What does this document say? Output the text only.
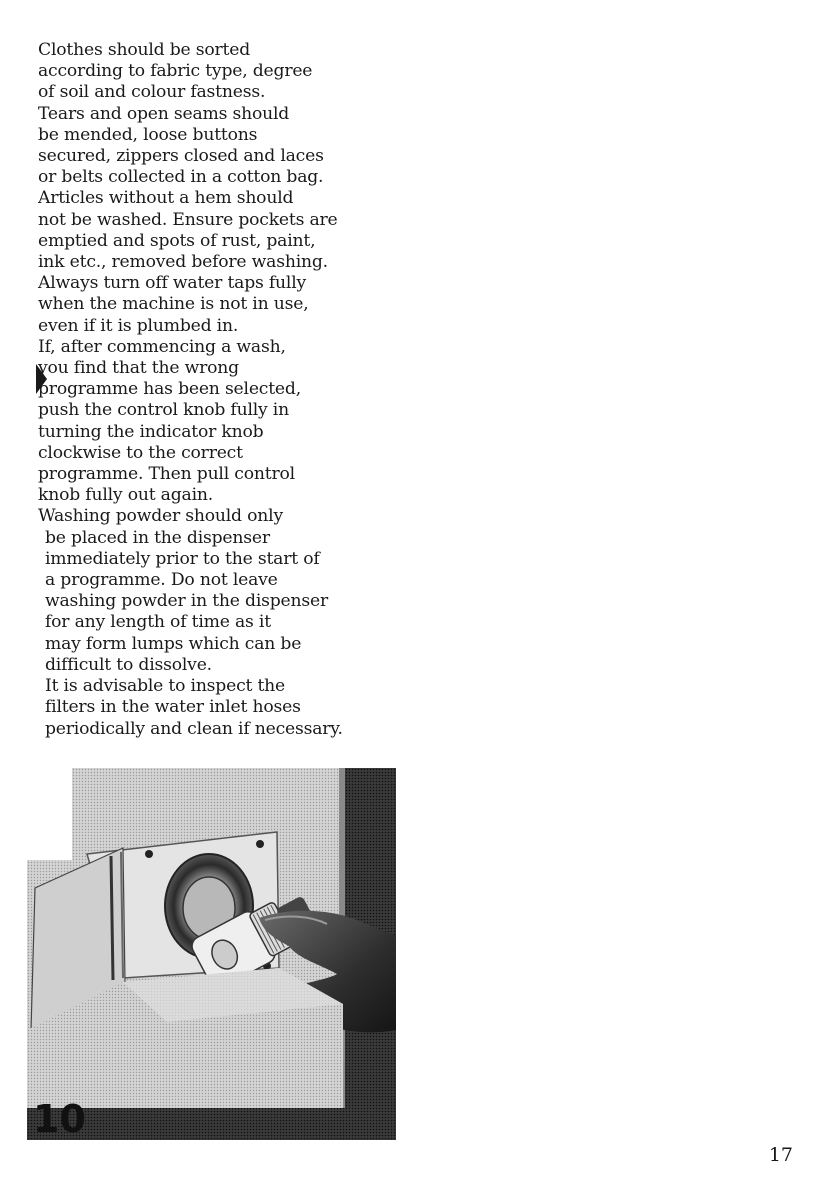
Clothes should be sorted
according to fabric type, degree
of soil and colour fastness.
Tears and open seams should
be mended, loose buttons
secured, zippers closed and laces
or belts collected in a cotton bag.
Articles without a hem should
not be washed. Ensure pockets are
emptied and spots of rust, paint,
ink etc., removed before washing.
Always turn off water taps fully
when the machine is not in use,
even if it is plumbed in.
If, after commencing a wash,
you find that the wrong
programme has been selected,
push the control knob fully in
turning the indicator knob
clockwise to the correct
programme. Then pull control
knob fully out again.
Washing powder should only
be placed in the dispenser
immediately prior to the start of
a programme. Do not leave
washing powder in the dispenser
for any length of time as it
may form lumps which can be
difficult to dissolve.
It is advisable to inspect the
filters in the water inlet hoses
periodically and clean if necessary.
10
17
